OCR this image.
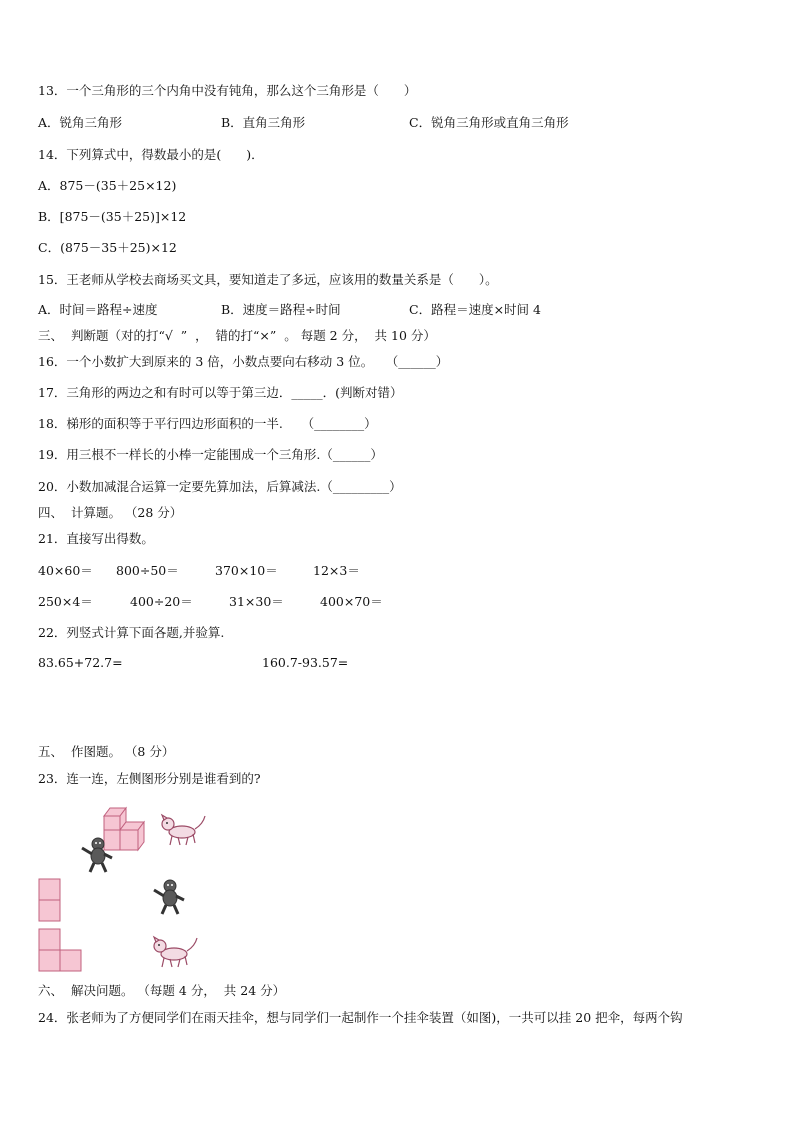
13．一个三角形的三个内角中没有钝角，那么这个三角形是（　　）
A．锐角三角形	B．直角三角形	C．锐角三角形或直角三角形
14．下列算式中，得数最小的是(　　)．
A．875－(35＋25×12)
B．[875－(35＋25)]×12
C．(875－35＋25)×12
15．王老师从学校去商场买文具，要知道走了多远，应该用的数量关系是（　　）。
A．时间＝路程÷速度	B．速度＝路程÷时间	C．路程＝速度×时间 4
三、  判断题（对的打“√  ”  ，  错的打“×”  。 每题 2 分，  共 10 分）
16．一个小数扩大到原来的 3 倍，小数点要向右移动 3 位。　　（______）
17．三角形的两边之和有时可以等于第三边．_____．(判断对错）
18．梯形的面积等于平行四边形面积的一半.　　（________）
19．用三根不一样长的小棒一定能围成一个三角形.（______）
20．小数加减混合运算一定要先算加法，后算减法.（_________）
四、  计算题。 （28 分）
21．直接写出得数。
40×60＝ 800÷50＝	370×10＝	12×3＝
250×4＝	400÷20＝	31×30＝	400×70＝
22．列竖式计算下面各题,并验算.
83.65+72.7=	160.7-93.57=
五、  作图题。 （8 分）
23．连一连，左侧图形分别是谁看到的?
六、  解决问题。 （每题 4 分，  共 24 分）
24．张老师为了方便同学们在雨天挂伞，想与同学们一起制作一个挂伞装置（如图)，一共可以挂 20 把伞，每两个钩
